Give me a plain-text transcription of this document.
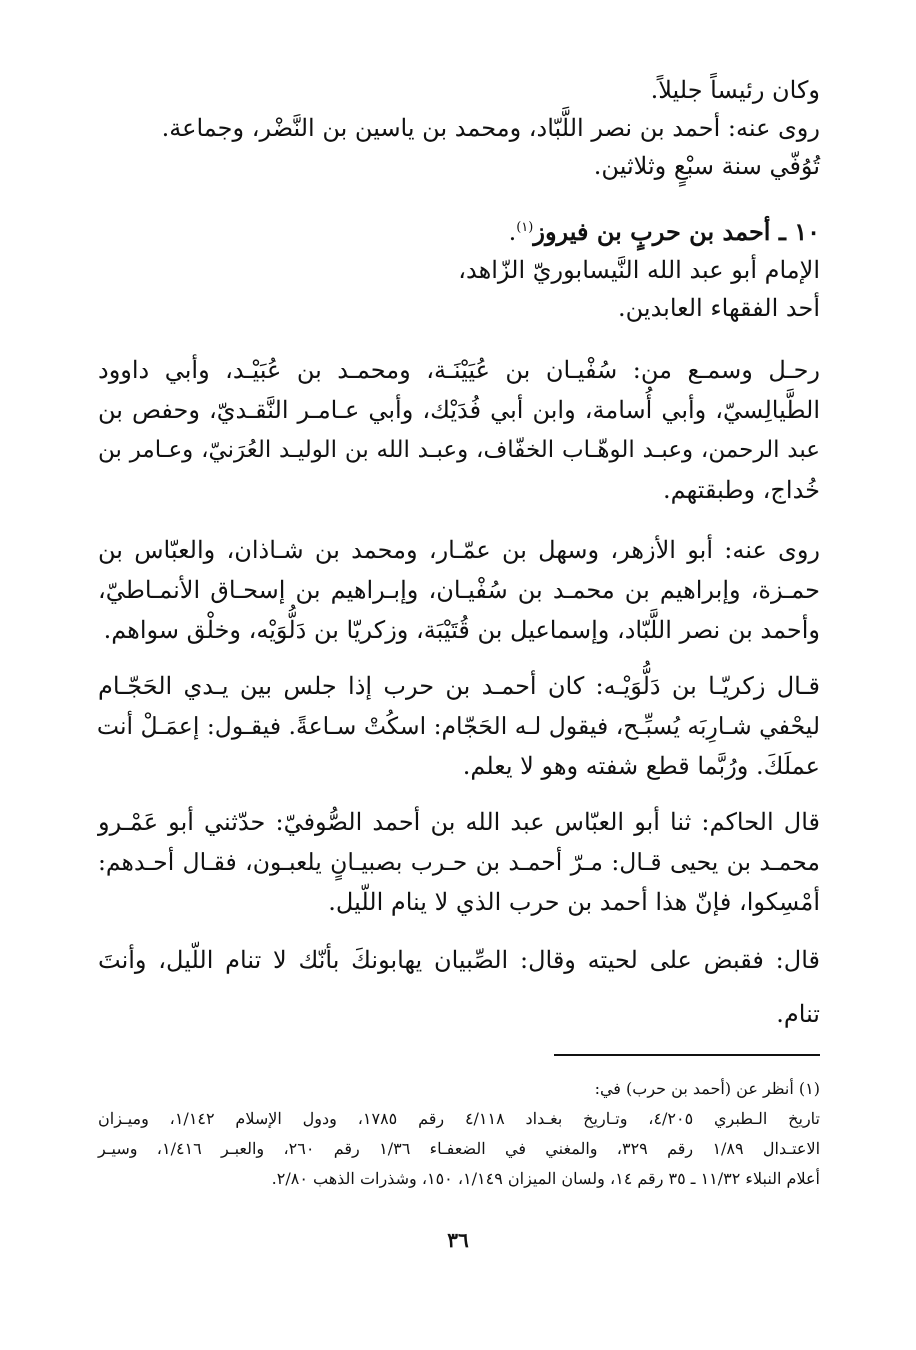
وكان رئيساً جليلاً.
روى عنه: أحمد بن نصر اللَّبّاد، ومحمد بن ياسين بن النَّضْر، وجماعة.
تُوُفّي سنة سبْعٍ وثلاثين.
١٠ ـ أحمد بن حربٍ بن فيروز$^{(١)}$.
الإمام أبو عبد الله النَّيسابوريّ الزّاهد،
أحد الفقهاء العابدين.
رحـل وسمـع من: سُفْيـان بن عُيَيْنَـة، ومحمـد بن عُبَيْـد، وأبي داوود
الطَّيالِسيّ، وأبي أُسامة، وابن أبي فُدَيْك، وأبي عـامـر النَّقـديّ، وحفص بن
عبد الرحمن، وعبـد الوهّـاب الخفّاف، وعبـد الله بن الوليـد العُرَنيّ، وعـامر بن
خُداج، وطبقتهم.
روى عنه: أبو الأزهر، وسهل بن عمّـار، ومحمد بن شـاذان، والعبّاس بن
حمـزة، وإبراهيم بن محمـد بن سُفْيـان، وإبـراهيم بن إسحـاق الأنمـاطيّ،
وأحمد بن نصر اللَّبّاد، وإسماعيل بن قُتَيْبَة، وزكريّا بن دَلُّوَيْه، وخلْق سواهم.
قـال زكريّـا بن دَلُّوَيْـه: كان أحمـد بن حرب إذا جلس بين يـدي الحَجّـام
ليحْفي شـارِبَه يُسبِّـح، فيقول لـه الحَجّام: اسكُتْ سـاعةً. فيقـول: إعمَـلْ أنت
عملَكَ. ورُبَّما قطع شفته وهو لا يعلم.
قال الحاكم: ثنا أبو العبّاس عبد الله بن أحمد الصُّوفيّ: حدّثني أبو عَمْـرو
محمـد بن يحيى قـال: مـرّ أحمـد بن حـرب بصبيـانٍ يلعبـون، فقـال أحـدهم:
أمْسِكوا، فإنّ هذا أحمد بن حرب الذي لا ينام اللّيل.
قال: فقبض على لحيته وقال: الصِّبيان يهابونكَ بأنّك لا تنام اللّيل، وأنتَ
تنام.
(١) أنظر عن (أحمد بن حرب) في:
تاريخ الـطبري ٤/٢٠٥، وتـاريخ بغـداد ٤/١١٨ رقم ١٧٨٥، ودول الإسلام ١/١٤٢، وميـزان
الاعتـدال ١/٨٩ رقم ٣٢٩، والمغني في الضعفـاء ١/٣٦ رقم ٢٦٠، والعبـر ١/٤١٦، وسيـر
أعلام النبلاء ١١/٣٢ ـ ٣٥ رقم ١٤، ولسان الميزان ١/١٤٩، ١٥٠، وشذرات الذهب ٢/٨٠.
٣٦
